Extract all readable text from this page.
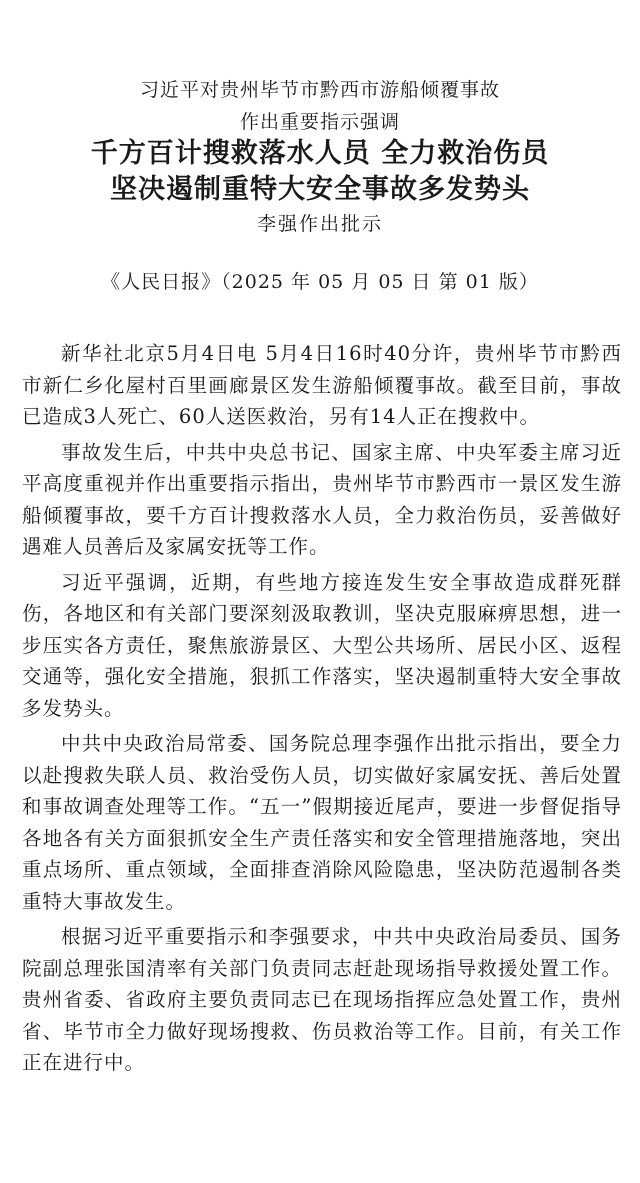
习近平对贵州毕节市黔西市游船倾覆事故
作出重要指示强调
千方百计搜救落水人员 全力救治伤员
坚决遏制重特大安全事故多发势头
李强作出批示
《人民日报》（2025 年 05 月 05 日 第 01 版）

新华社北京5月4日电 5月4日16时40分许，贵州毕节市黔西市新仁乡化屋村百里画廊景区发生游船倾覆事故。截至目前，事故已造成3人死亡、60人送医救治，另有14人正在搜救中。

事故发生后，中共中央总书记、国家主席、中央军委主席习近平高度重视并作出重要指示指出，贵州毕节市黔西市一景区发生游船倾覆事故，要千方百计搜救落水人员，全力救治伤员，妥善做好遇难人员善后及家属安抚等工作。

习近平强调，近期，有些地方接连发生安全事故造成群死群伤，各地区和有关部门要深刻汲取教训，坚决克服麻痹思想，进一步压实各方责任，聚焦旅游景区、大型公共场所、居民小区、返程交通等，强化安全措施，狠抓工作落实，坚决遏制重特大安全事故多发势头。

中共中央政治局常委、国务院总理李强作出批示指出，要全力以赴搜救失联人员、救治受伤人员，切实做好家属安抚、善后处置和事故调查处理等工作。“五一”假期接近尾声，要进一步督促指导各地各有关方面狠抓安全生产责任落实和安全管理措施落地，突出重点场所、重点领域，全面排查消除风险隐患，坚决防范遏制各类重特大事故发生。

根据习近平重要指示和李强要求，中共中央政治局委员、国务院副总理张国清率有关部门负责同志赶赴现场指导救援处置工作。贵州省委、省政府主要负责同志已在现场指挥应急处置工作，贵州省、毕节市全力做好现场搜救、伤员救治等工作。目前，有关工作正在进行中。
